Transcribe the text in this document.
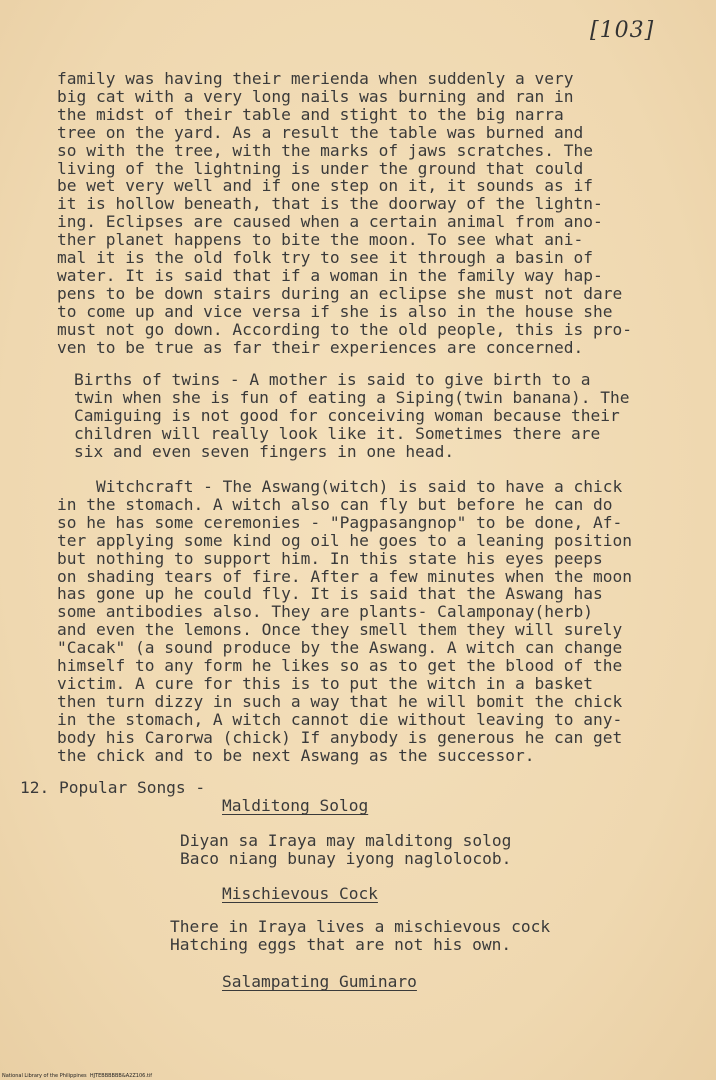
[103]

family was having their merienda when suddenly a very
big cat with a very long nails was burning and ran in
the midst of their table and stight to the big narra
tree on the yard. As a result the table was burned and
so with the tree, with the marks of jaws scratches. The
living of the lightning is under the ground that could
be wet very well and if one step on it, it sounds as if
it is hollow beneath, that is the doorway of the lightn-
ing. Eclipses are caused when a certain animal from ano-
ther planet happens to bite the moon. To see what ani-
mal it is the old folk try to see it through a basin of
water. It is said that if a woman in the family way hap-
pens to be down stairs during an eclipse she must not dare
to come up and vice versa if she is also in the house she
must not go down. According to the old people, this is pro-
ven to be true as far their experiences are concerned.

Births of twins - A mother is said to give birth to a
twin when she is fun of eating a Siping(twin banana). The
Camiguing is not good for conceiving woman because their
children will really look like it. Sometimes there are
six and even seven fingers in one head.

Witchcraft - The Aswang(witch) is said to have a chick
in the stomach. A witch also can fly but before he can do
so he has some ceremonies - "Pagpasangnop" to be done, Af-
ter applying some kind og oil he goes to a leaning position
but nothing to support him. In this state his eyes peeps
on shading tears of fire. After a few minutes when the moon
has gone up he could fly. It is said that the Aswang has
some antibodies also. They are plants- Calamponay(herb)
and even the lemons. Once they smell them they will surely
"Cacak" (a sound produce by the Aswang. A witch can change
himself to any form he likes so as to get the blood of the
victim. A cure for this is to put the witch in a basket
then turn dizzy in such a way that he will bomit the chick
in the stomach, A witch cannot die without leaving to any-
body his Carorwa (chick) If anybody is generous he can get
the chick and to be next Aswang as the successor.

12. Popular Songs -
Malditong Solog
Diyan sa Iraya may malditong solog
Baco niang bunay iyong naglolocob.
Mischievous Cock
There in Iraya lives a mischievous cock
Hatching eggs that are not his own.
Salampating Guminaro
National Library of the Philippines  HJTEBBBBBB&A2Z106.tif
